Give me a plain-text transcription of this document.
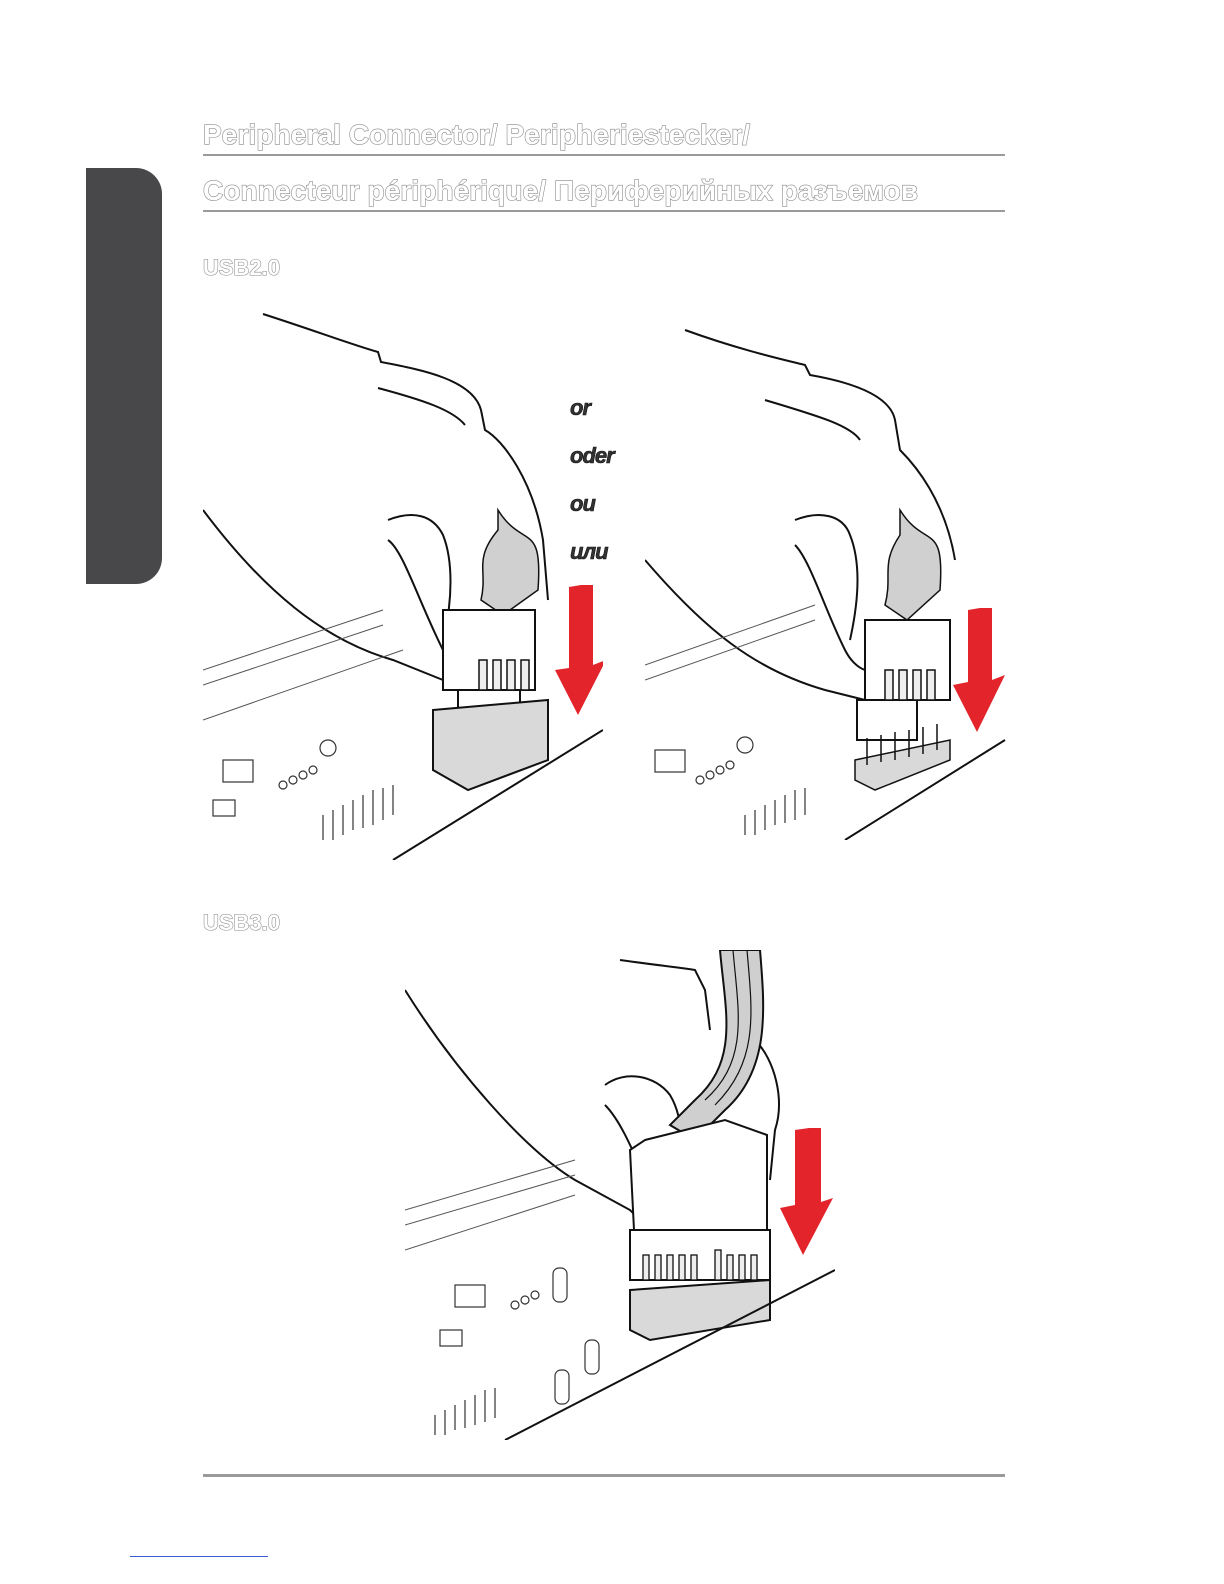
Peripheral Connector/ Peripheriestecker/
Connecteur périphérique/ Периферийных разъемов
USB2.0
or
oder
ou
или
USB3.0
